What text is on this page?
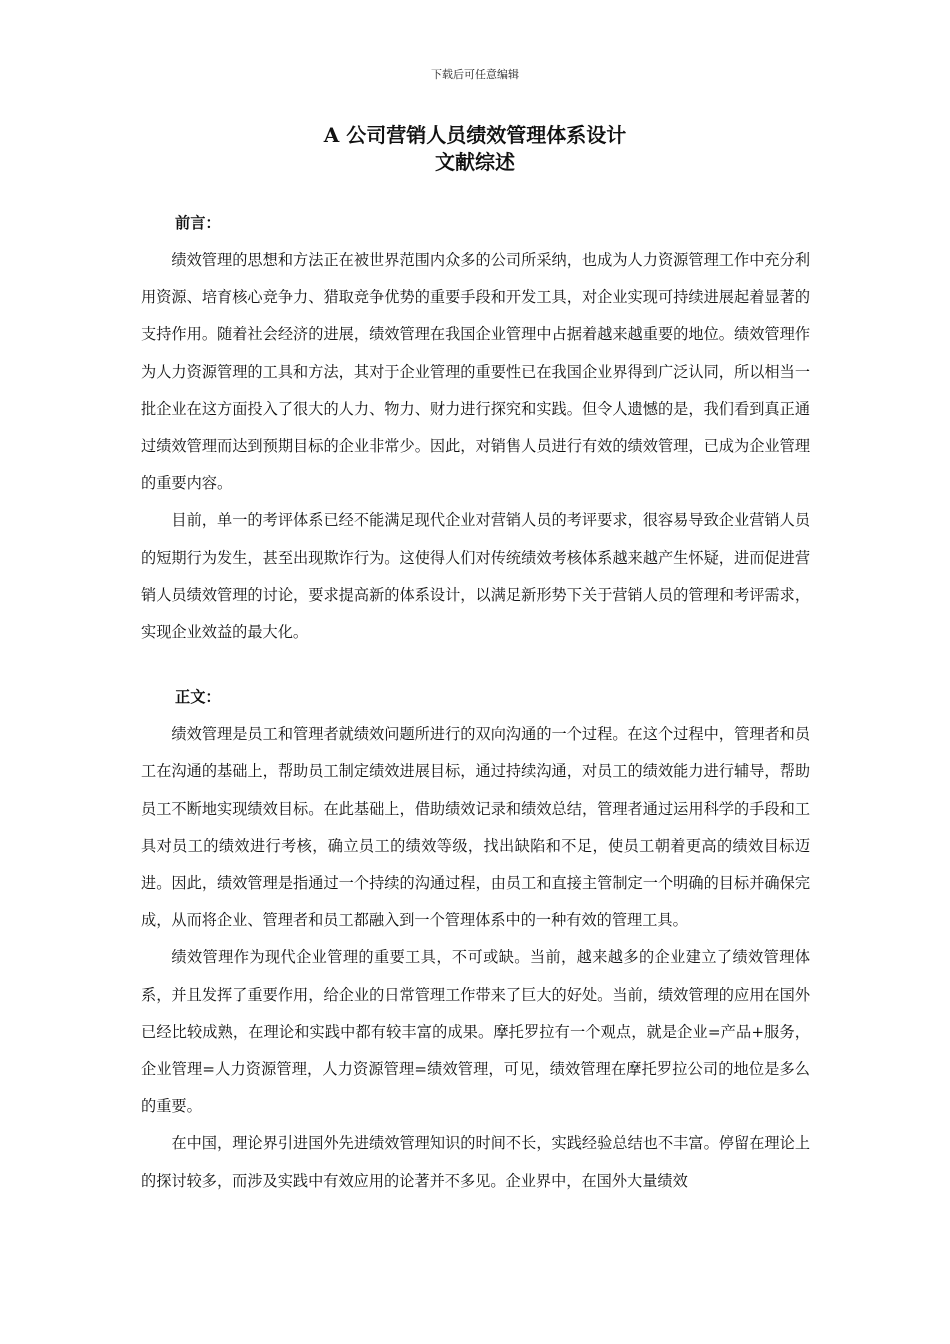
下载后可任意编辑
A 公司营销人员绩效管理体系设计
文献综述
前言：

绩效管理的思想和方法正在被世界范围内众多的公司所采纳，也成为人力资源管理工作中充分利用资源、培育核心竞争力、猎取竞争优势的重要手段和开发工具，对企业实现可持续进展起着显著的支持作用。随着社会经济的进展，绩效管理在我国企业管理中占据着越来越重要的地位。绩效管理作为人力资源管理的工具和方法，其对于企业管理的重要性已在我国企业界得到广泛认同，所以相当一批企业在这方面投入了很大的人力、物力、财力进行探究和实践。但令人遗憾的是，我们看到真正通过绩效管理而达到预期目标的企业非常少。因此，对销售人员进行有效的绩效管理，已成为企业管理的重要内容。

目前，单一的考评体系已经不能满足现代企业对营销人员的考评要求，很容易导致企业营销人员的短期行为发生，甚至出现欺诈行为。这使得人们对传统绩效考核体系越来越产生怀疑，进而促进营销人员绩效管理的讨论，要求提高新的体系设计，以满足新形势下关于营销人员的管理和考评需求，实现企业效益的最大化。

正文：

绩效管理是员工和管理者就绩效问题所进行的双向沟通的一个过程。在这个过程中，管理者和员工在沟通的基础上，帮助员工制定绩效进展目标，通过持续沟通，对员工的绩效能力进行辅导，帮助员工不断地实现绩效目标。在此基础上，借助绩效记录和绩效总结，管理者通过运用科学的手段和工具对员工的绩效进行考核，确立员工的绩效等级，找出缺陷和不足，使员工朝着更高的绩效目标迈进。因此，绩效管理是指通过一个持续的沟通过程，由员工和直接主管制定一个明确的目标并确保完成，从而将企业、管理者和员工都融入到一个管理体系中的一种有效的管理工具。

绩效管理作为现代企业管理的重要工具，不可或缺。当前，越来越多的企业建立了绩效管理体系，并且发挥了重要作用，给企业的日常管理工作带来了巨大的好处。当前，绩效管理的应用在国外已经比较成熟，在理论和实践中都有较丰富的成果。摩托罗拉有一个观点，就是企业=产品+服务，企业管理=人力资源管理，人力资源管理=绩效管理，可见，绩效管理在摩托罗拉公司的地位是多么的重要。

在中国，理论界引进国外先进绩效管理知识的时间不长，实践经验总结也不丰富。停留在理论上的探讨较多，而涉及实践中有效应用的论著并不多见。企业界中，在国外大量绩效
